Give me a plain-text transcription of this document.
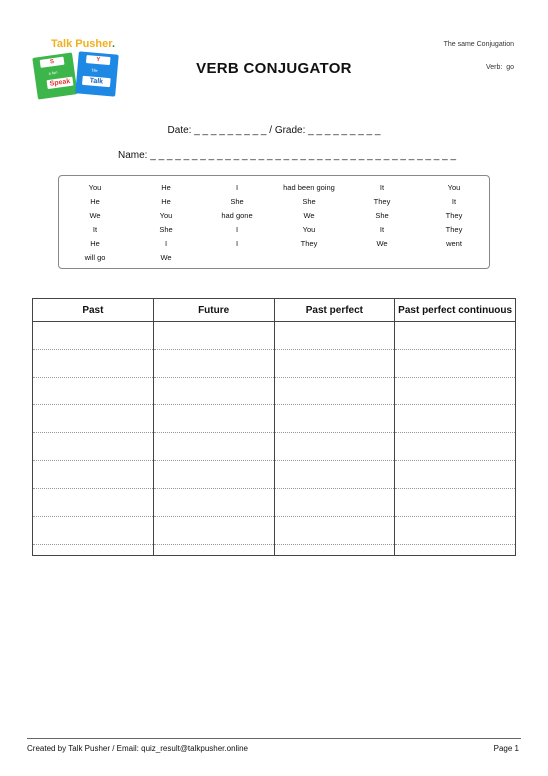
Talk Pusher.
S
a fun
Speak
Y
Tile
Talk
The same Conjugation
Verb: go
VERB CONJUGATOR
Date: _ _ _ _ _ _ _ _ _ / Grade: _ _ _ _ _ _ _ _ _
Name: _ _ _ _ _ _ _ _ _ _ _ _ _ _ _ _ _ _ _ _ _ _ _ _ _ _ _ _ _ _ _ _ _ _ _ _ _
You	He	I	had been going	It	You
He	He	She	She	They	It
We	You	had gone	We	She	They
It	She	I	You	It	They
He	I	I	They	We	went
will go	We
Past	Future	Past perfect	Past perfect continuous

Created by Talk Pusher / Email: quiz_result@talkpusher.online	Page 1
